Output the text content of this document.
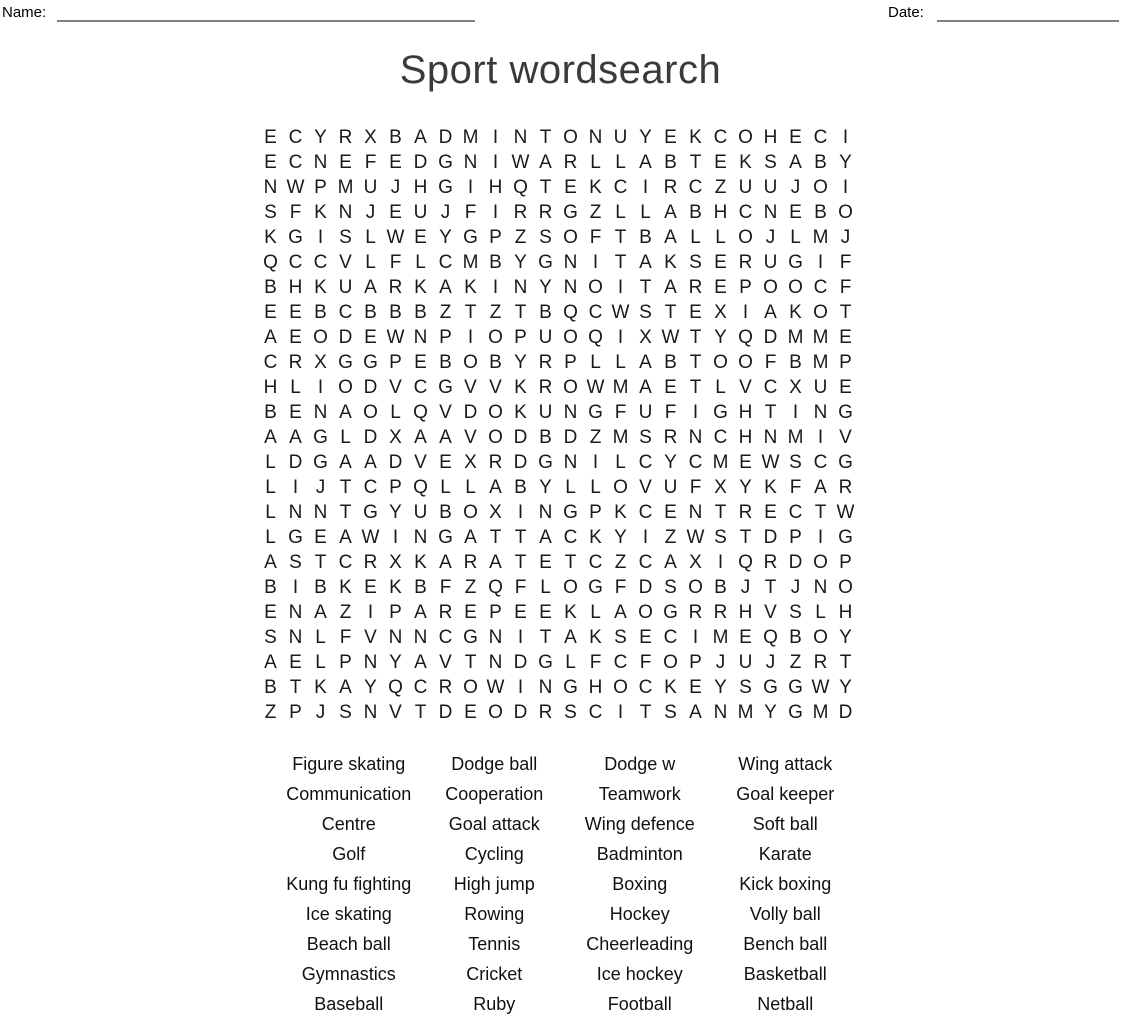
Name:	Date:
Sport wordsearch
E C Y R X B A D M I N T O N U Y E K C O H E C I
E C N E F E D G N I W A R L L A B T E K S A B Y
N W P M U J H G I H Q T E K C I R C Z U U J O I
S F K N J E U J F I R R G Z L L A B H C N E B O
K G I S L W E Y G P Z S O F T B A L L O J L M J
Q C C V L F L C M B Y G N I T A K S E R U G I F
B H K U A R K A K I N Y N O I T A R E P O O C F
E E B C B B B Z T Z T B Q C W S T E X I A K O T
A E O D E W N P I O P U O Q I X W T Y Q D M M E
C R X G G P E B O B Y R P L L A B T O O F B M P
H L I O D V C G V V K R O W M A E T L V C X U E
B E N A O L Q V D O K U N G F U F I G H T I N G
A A G L D X A A V O D B D Z M S R N C H N M I V
L D G A A D V E X R D G N I L C Y C M E W S C G
L I J T C P Q L L A B Y L L O V U F X Y K F A R
L N N T G Y U B O X I N G P K C E N T R E C T W
L G E A W I N G A T T A C K Y I Z W S T D P I G
A S T C R X K A R A T E T C Z C A X I Q R D O P
B I B K E K B F Z Q F L O G F D S O B J T J N O
E N A Z I P A R E P E E K L A O G R R H V S L H
S N L F V N N C G N I T A K S E C I M E Q B O Y
A E L P N Y A V T N D G L F C F O P J U J Z R T
B T K A Y Q C R O W I N G H O C K E Y S G G W Y
Z P J S N V T D E O D R S C I T S A N M Y G M D
Figure skating	Dodge ball	Dodge w	Wing attack
Communication	Cooperation	Teamwork	Goal keeper
Centre	Goal attack	Wing defence	Soft ball
Golf	Cycling	Badminton	Karate
Kung fu fighting	High jump	Boxing	Kick boxing
Ice skating	Rowing	Hockey	Volly ball
Beach ball	Tennis	Cheerleading	Bench ball
Gymnastics	Cricket	Ice hockey	Basketball
Baseball	Ruby	Football	Netball
